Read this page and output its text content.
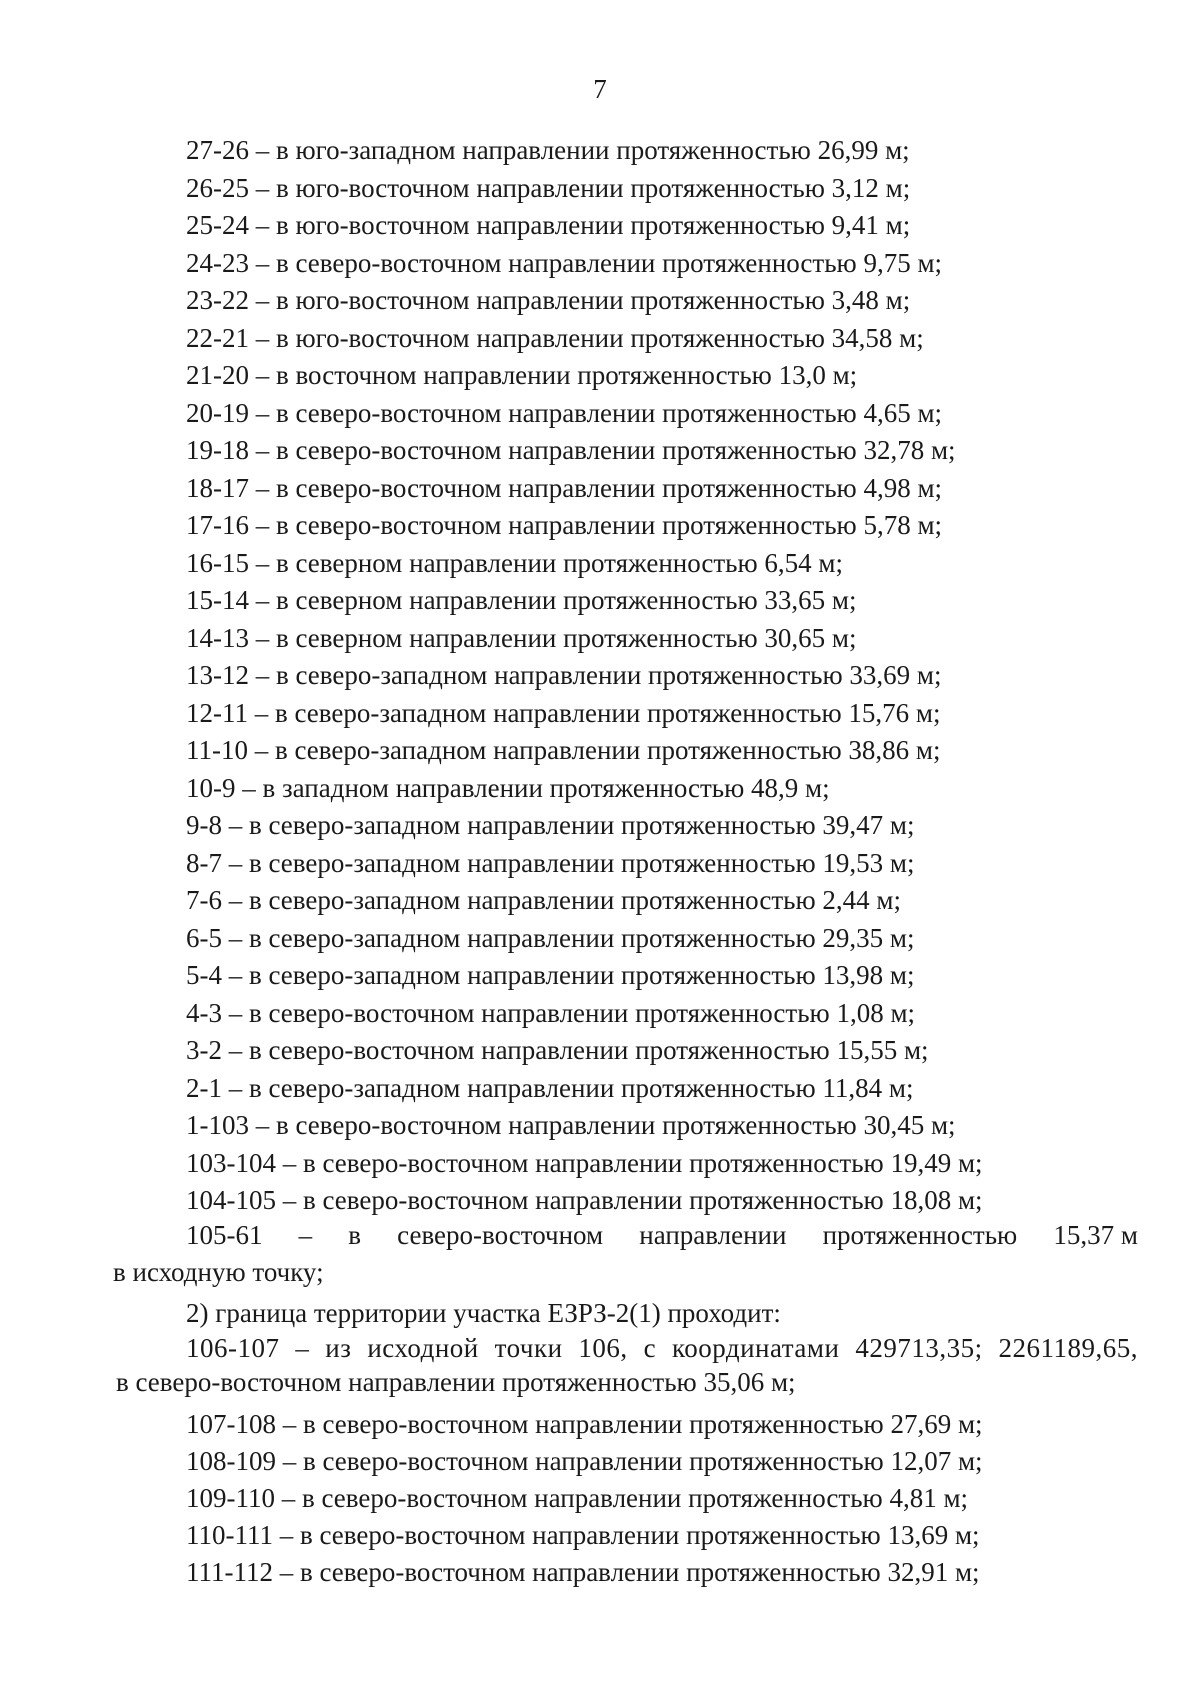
7
27-26 – в юго-западном направлении протяженностью 26,99 м;
26-25 – в юго-восточном направлении протяженностью 3,12 м;
25-24 – в юго-восточном направлении протяженностью 9,41 м;
24-23 – в северо-восточном направлении протяженностью 9,75 м;
23-22 – в юго-восточном направлении протяженностью 3,48 м;
22-21 – в юго-восточном направлении протяженностью 34,58 м;
21-20 – в восточном направлении протяженностью 13,0 м;
20-19 – в северо-восточном направлении протяженностью 4,65 м;
19-18 – в северо-восточном направлении протяженностью 32,78 м;
18-17 – в северо-восточном направлении протяженностью 4,98 м;
17-16 – в северо-восточном направлении протяженностью 5,78 м;
16-15 – в северном направлении протяженностью 6,54 м;
15-14 – в северном направлении протяженностью 33,65 м;
14-13 – в северном направлении протяженностью 30,65 м;
13-12 – в северо-западном направлении протяженностью 33,69 м;
12-11 – в северо-западном направлении протяженностью 15,76 м;
11-10 – в северо-западном направлении протяженностью 38,86 м;
10-9 – в западном направлении протяженностью 48,9 м;
9-8 – в северо-западном направлении протяженностью 39,47 м;
8-7 – в северо-западном направлении протяженностью 19,53 м;
7-6 – в северо-западном направлении протяженностью 2,44 м;
6-5 – в северо-западном направлении протяженностью 29,35 м;
5-4 – в северо-западном направлении протяженностью 13,98 м;
4-3 – в северо-восточном направлении протяженностью 1,08 м;
3-2 – в северо-восточном направлении протяженностью 15,55 м;
2-1 – в северо-западном направлении протяженностью 11,84 м;
1-103 – в северо-восточном направлении протяженностью 30,45 м;
103-104 – в северо-восточном направлении протяженностью 19,49 м;
104-105 – в северо-восточном направлении протяженностью 18,08 м;
105-61 – в северо-восточном направлении протяженностью 15,37 м
в исходную точку;
2) граница территории участка ЕЗРЗ-2(1) проходит:
106-107 – из исходной точки 106, с координатами 429713,35; 2261189,65,
в северо-восточном направлении протяженностью 35,06 м;
107-108 – в северо-восточном направлении протяженностью 27,69 м;
108-109 – в северо-восточном направлении протяженностью 12,07 м;
109-110 – в северо-восточном направлении протяженностью 4,81 м;
110-111 – в северо-восточном направлении протяженностью 13,69 м;
111-112 – в северо-восточном направлении протяженностью 32,91 м;
